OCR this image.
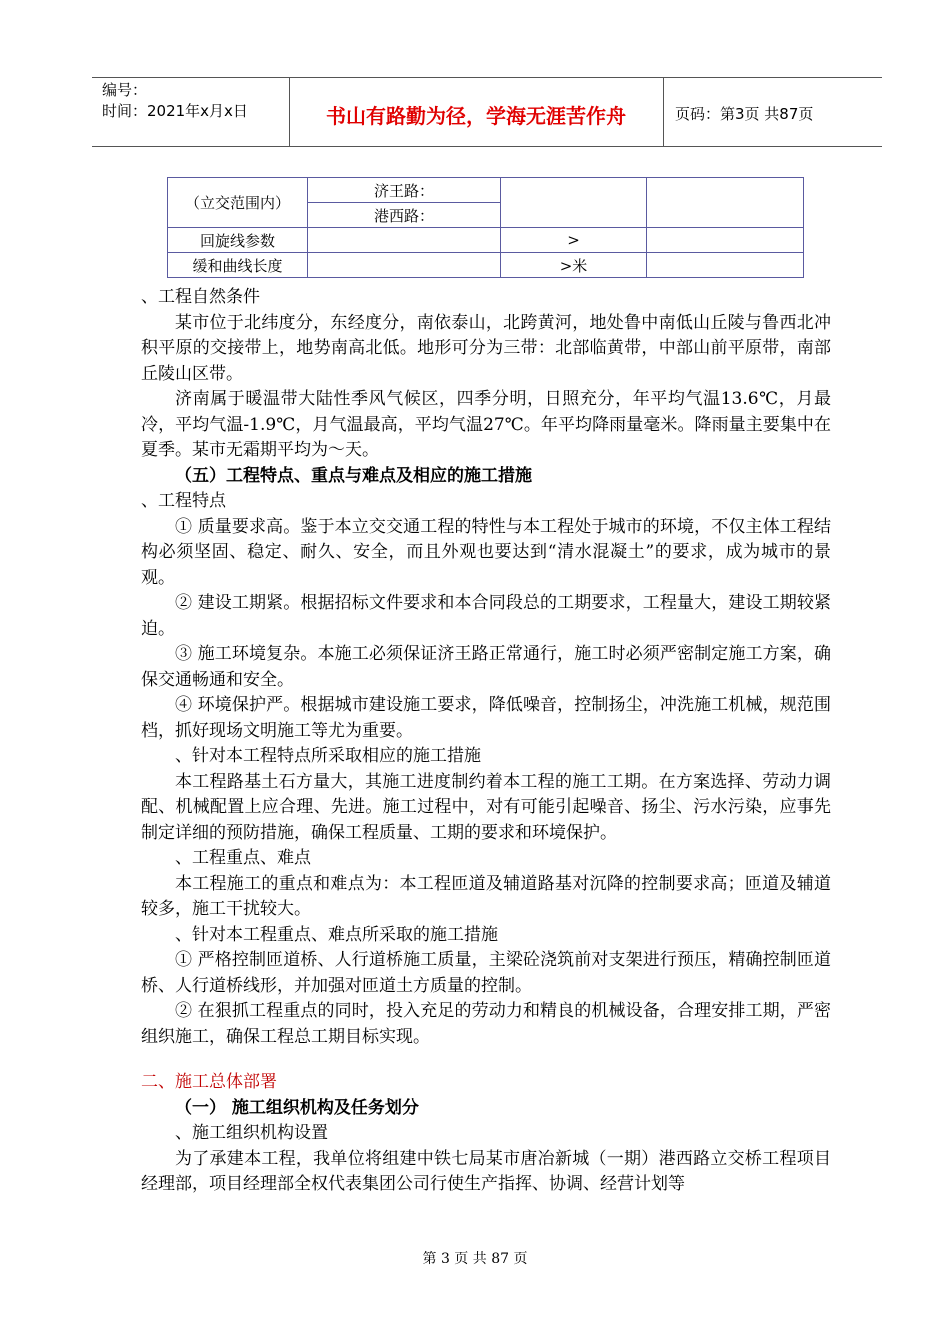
编号：
时间：2021年x月x日	书山有路勤为径，学海无涯苦作舟	页码：第3页 共87页
（立交范围内）	济王路：		
	港西路：		
回旋线参数		>	
缓和曲线长度		>米	

、工程自然条件

某市位于北纬度分，东经度分，南依泰山，北跨黄河，地处鲁中南低山丘陵与鲁西北冲积平原的交接带上，地势南高北低。地形可分为三带：北部临黄带，中部山前平原带，南部丘陵山区带。

济南属于暖温带大陆性季风气候区，四季分明，日照充分，年平均气温13.6℃，月最冷，平均气温-1.9℃，月气温最高，平均气温27℃。年平均降雨量毫米。降雨量主要集中在夏季。某市无霜期平均为～天。

（五）工程特点、重点与难点及相应的施工措施

、工程特点

① 质量要求高。鉴于本立交交通工程的特性与本工程处于城市的环境，不仅主体工程结构必须坚固、稳定、耐久、安全，而且外观也要达到“清水混凝土”的要求，成为城市的景观。

② 建设工期紧。根据招标文件要求和本合同段总的工期要求，工程量大，建设工期较紧迫。

③ 施工环境复杂。本施工必须保证济王路正常通行，施工时必须严密制定施工方案，确保交通畅通和安全。

④ 环境保护严。根据城市建设施工要求，降低噪音，控制扬尘，冲洗施工机械，规范围档，抓好现场文明施工等尤为重要。

、针对本工程特点所采取相应的施工措施

本工程路基土石方量大，其施工进度制约着本工程的施工工期。在方案选择、劳动力调配、机械配置上应合理、先进。施工过程中，对有可能引起噪音、扬尘、污水污染，应事先制定详细的预防措施，确保工程质量、工期的要求和环境保护。

、工程重点、难点

本工程施工的重点和难点为：本工程匝道及辅道路基对沉降的控制要求高；匝道及辅道较多，施工干扰较大。

、针对本工程重点、难点所采取的施工措施

① 严格控制匝道桥、人行道桥施工质量，主梁砼浇筑前对支架进行预压，精确控制匝道桥、人行道桥线形，并加强对匝道土方质量的控制。

② 在狠抓工程重点的同时，投入充足的劳动力和精良的机械设备，合理安排工期，严密组织施工，确保工程总工期目标实现。

二、施工总体部署

（一） 施工组织机构及任务划分

、施工组织机构设置

为了承建本工程，我单位将组建中铁七局某市唐冶新城（一期）港西路立交桥工程项目经理部，项目经理部全权代表集团公司行使生产指挥、协调、经营计划等

第 3 页 共 87 页
